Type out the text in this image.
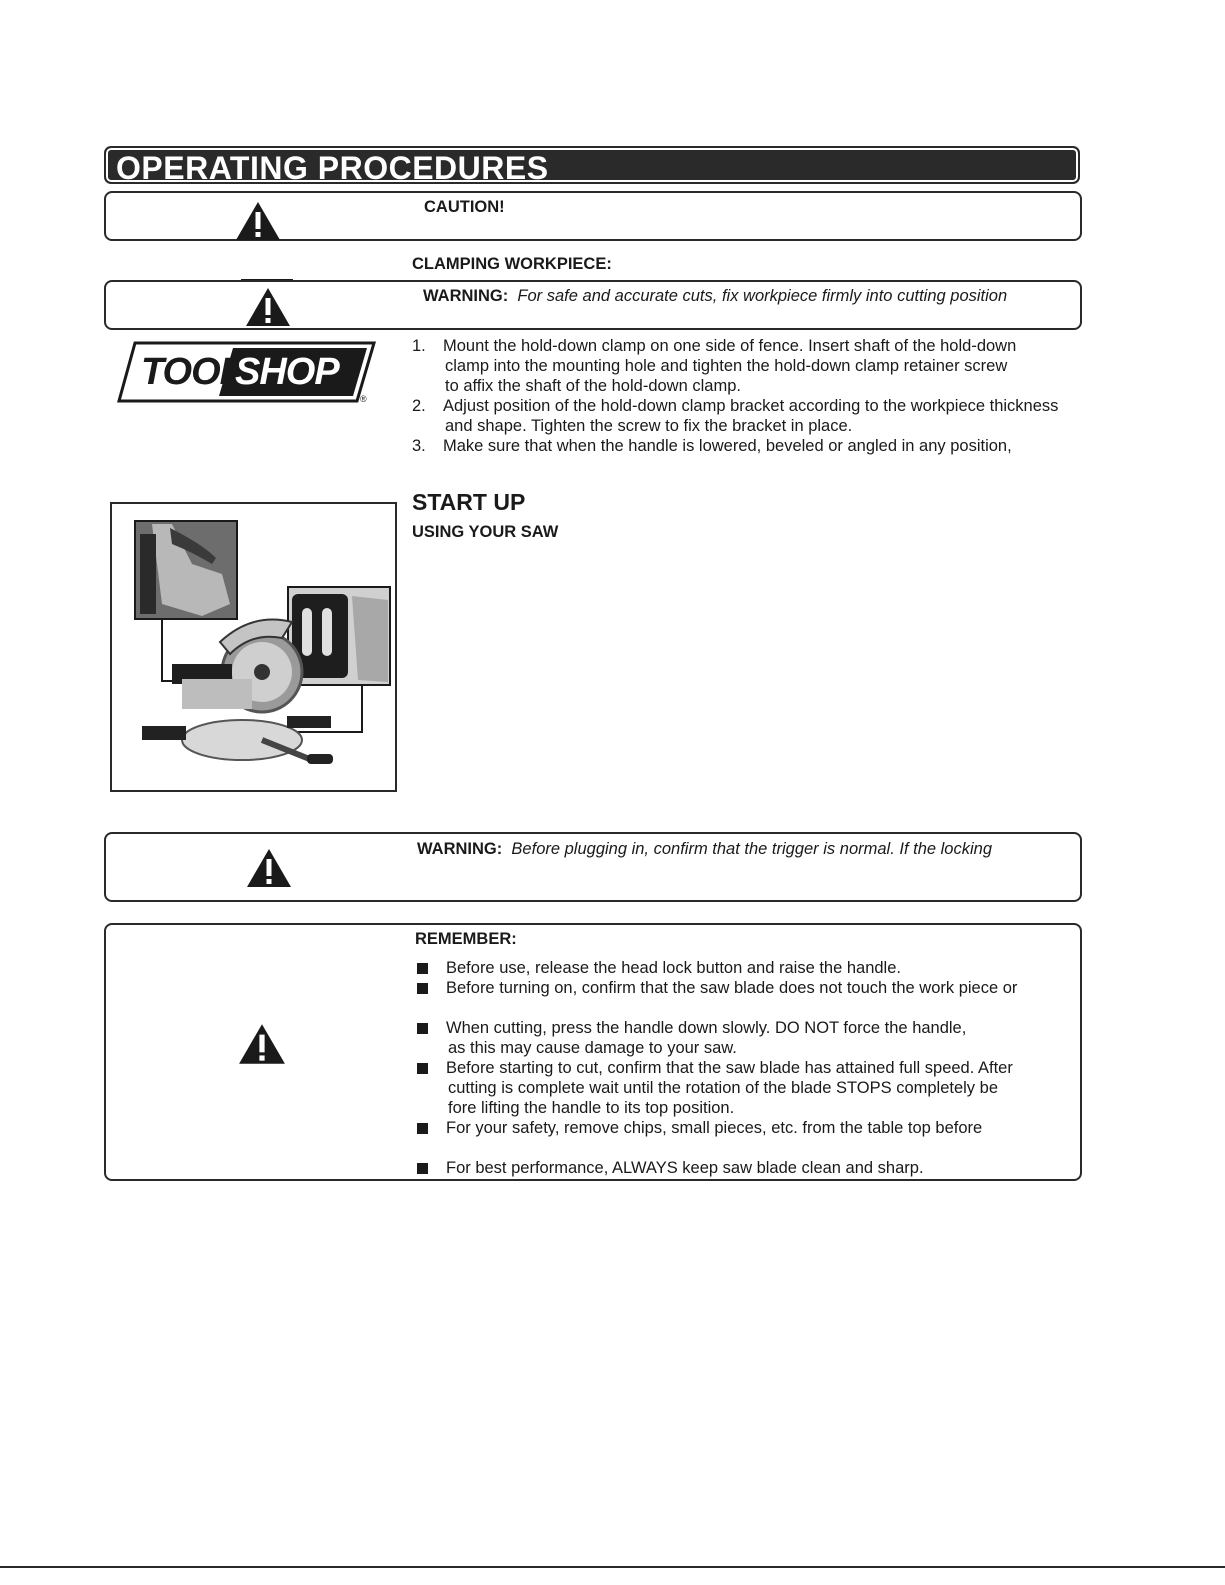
OPERATING PROCEDURES
CAUTION!
CLAMPING WORKPIECE:
WARNING: For safe and accurate cuts, fix workpiece firmly into cutting position
TOOL
SHOP
®
1. Mount the hold-down clamp on one side of fence. Insert shaft of the hold-down
clamp into the mounting hole and tighten the hold-down clamp retainer screw
to affix the shaft of the hold-down clamp.
2. Adjust position of the hold-down clamp bracket according to the workpiece thickness
and shape. Tighten the screw to fix the bracket in place.
3. Make sure that when the handle is lowered, beveled or angled in any position,
START UP
USING YOUR SAW
WARNING: Before plugging in, confirm that the trigger is normal. If the locking
REMEMBER:
Before use, release the head lock button and raise the handle.
Before turning on, confirm that the saw blade does not touch the work piece or
When cutting, press the handle down slowly. DO NOT force the handle,
as this may cause damage to your saw.
Before starting to cut, confirm that the saw blade has attained full speed. After
cutting is complete wait until the rotation of the blade STOPS completely be
fore lifting the handle to its top position.
For your safety, remove chips, small pieces, etc. from the table top before
For best performance, ALWAYS keep saw blade clean and sharp.
